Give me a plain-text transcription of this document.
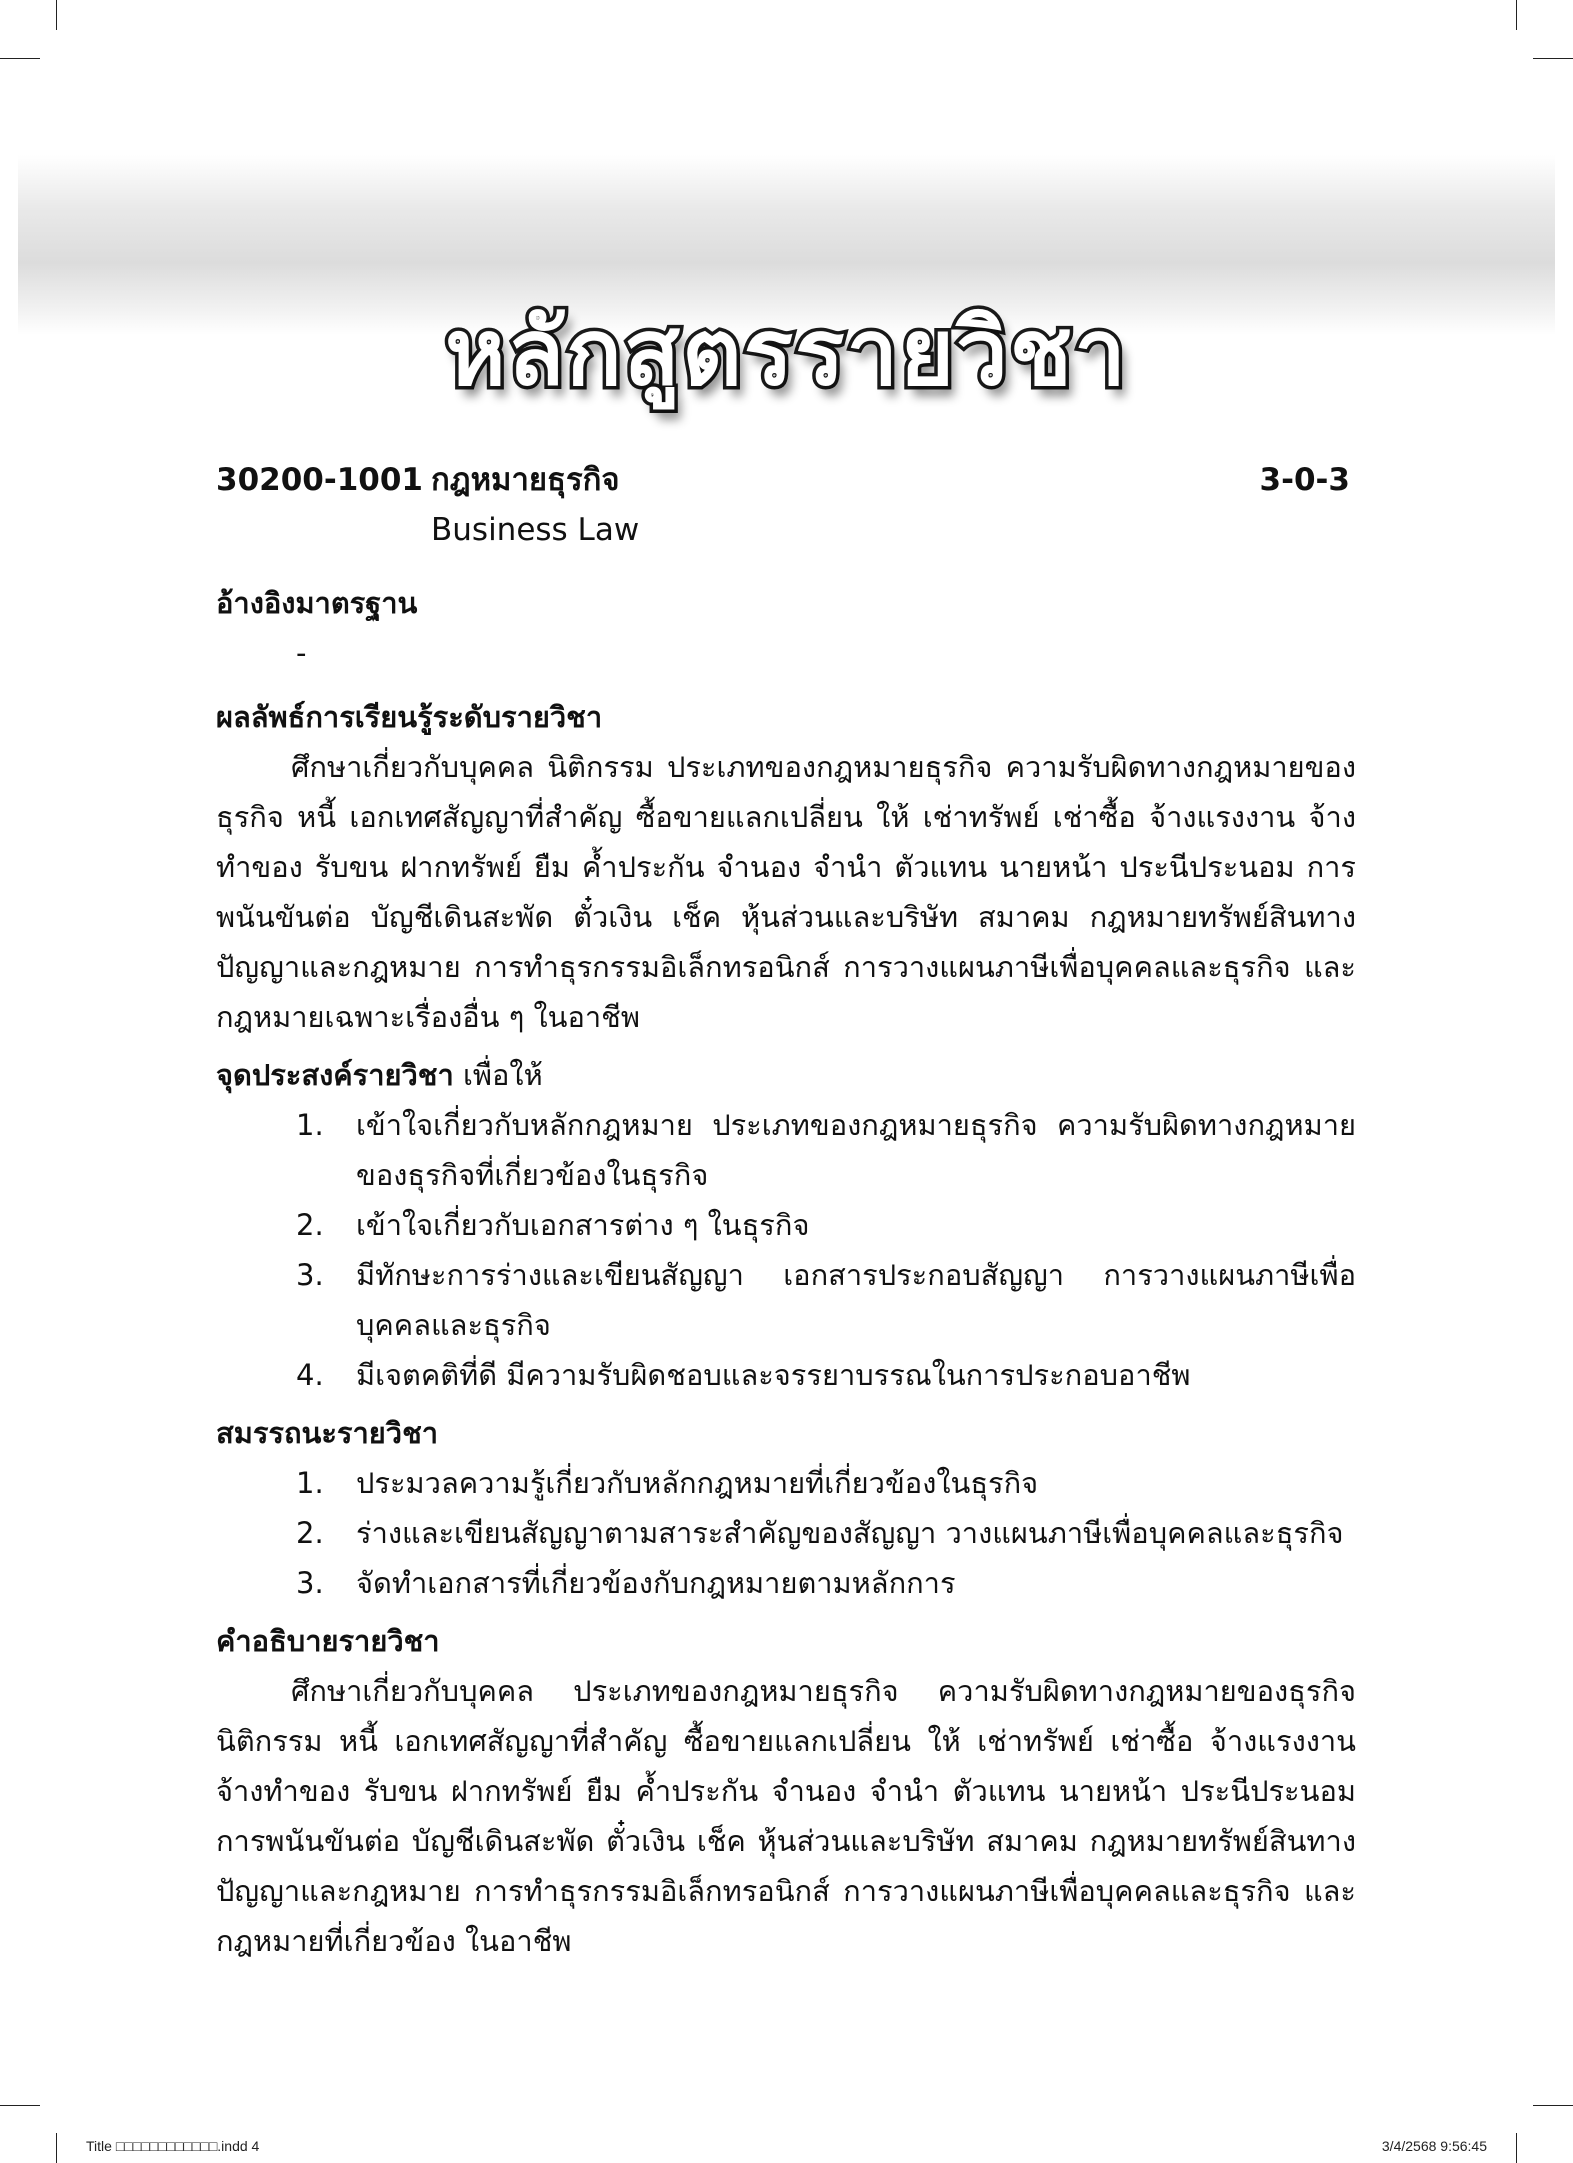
หลักสูตรรายวิชา
30200-1001 กฎหมายธุรกิจ
Business Law
3-0-3
อ้างอิงมาตรฐาน
-
ผลลัพธ์การเรียนรู้ระดับรายวิชา

ศึกษาเกี่ยวกับบุคคล นิติกรรม ประเภทของกฎหมายธุรกิจ ความรับผิดทางกฎหมายของธุรกิจ หนี้ เอกเทศสัญญาที่สำคัญ ซื้อขายแลกเปลี่ยน ให้ เช่าทรัพย์ เช่าซื้อ จ้างแรงงาน จ้างทำของ รับขน ฝากทรัพย์ ยืม ค้ำประกัน จำนอง จำนำ ตัวแทน นายหน้า ประนีประนอม การพนันขันต่อ บัญชีเดินสะพัด ตั๋วเงิน เช็ค หุ้นส่วนและบริษัท สมาคม กฎหมายทรัพย์สินทางปัญญาและกฎหมาย การทำธุรกรรมอิเล็กทรอนิกส์ การวางแผนภาษีเพื่อบุคคลและธุรกิจ และกฎหมายเฉพาะเรื่องอื่น ๆ ในอาชีพ

จุดประสงค์รายวิชา เพื่อให้
1. เข้าใจเกี่ยวกับหลักกฎหมาย ประเภทของกฎหมายธุรกิจ ความรับผิดทางกฎหมายของธุรกิจที่เกี่ยวข้องในธุรกิจ
2. เข้าใจเกี่ยวกับเอกสารต่าง ๆ ในธุรกิจ
3. มีทักษะการร่างและเขียนสัญญา เอกสารประกอบสัญญา การวางแผนภาษีเพื่อบุคคลและธุรกิจ
4. มีเจตคติที่ดี มีความรับผิดชอบและจรรยาบรรณในการประกอบอาชีพ
สมรรถนะรายวิชา
1. ประมวลความรู้เกี่ยวกับหลักกฎหมายที่เกี่ยวข้องในธุรกิจ
2. ร่างและเขียนสัญญาตามสาระสำคัญของสัญญา วางแผนภาษีเพื่อบุคคลและธุรกิจ
3. จัดทำเอกสารที่เกี่ยวข้องกับกฎหมายตามหลักการ
คำอธิบายรายวิชา

ศึกษาเกี่ยวกับบุคคล ประเภทของกฎหมายธุรกิจ ความรับผิดทางกฎหมายของธุรกิจ นิติกรรม หนี้ เอกเทศสัญญาที่สำคัญ ซื้อขายแลกเปลี่ยน ให้ เช่าทรัพย์ เช่าซื้อ จ้างแรงงาน จ้างทำของ รับขน ฝากทรัพย์ ยืม ค้ำประกัน จำนอง จำนำ ตัวแทน นายหน้า ประนีประนอม การพนันขันต่อ บัญชีเดินสะพัด ตั๋วเงิน เช็ค หุ้นส่วนและบริษัท สมาคม กฎหมายทรัพย์สินทางปัญญาและกฎหมาย การทำธุรกรรมอิเล็กทรอนิกส์ การวางแผนภาษีเพื่อบุคคลและธุรกิจ และกฎหมายที่เกี่ยวข้อง ในอาชีพ

Title □□□□□□□□□□□□.indd 4	3/4/2568 9:56:45
